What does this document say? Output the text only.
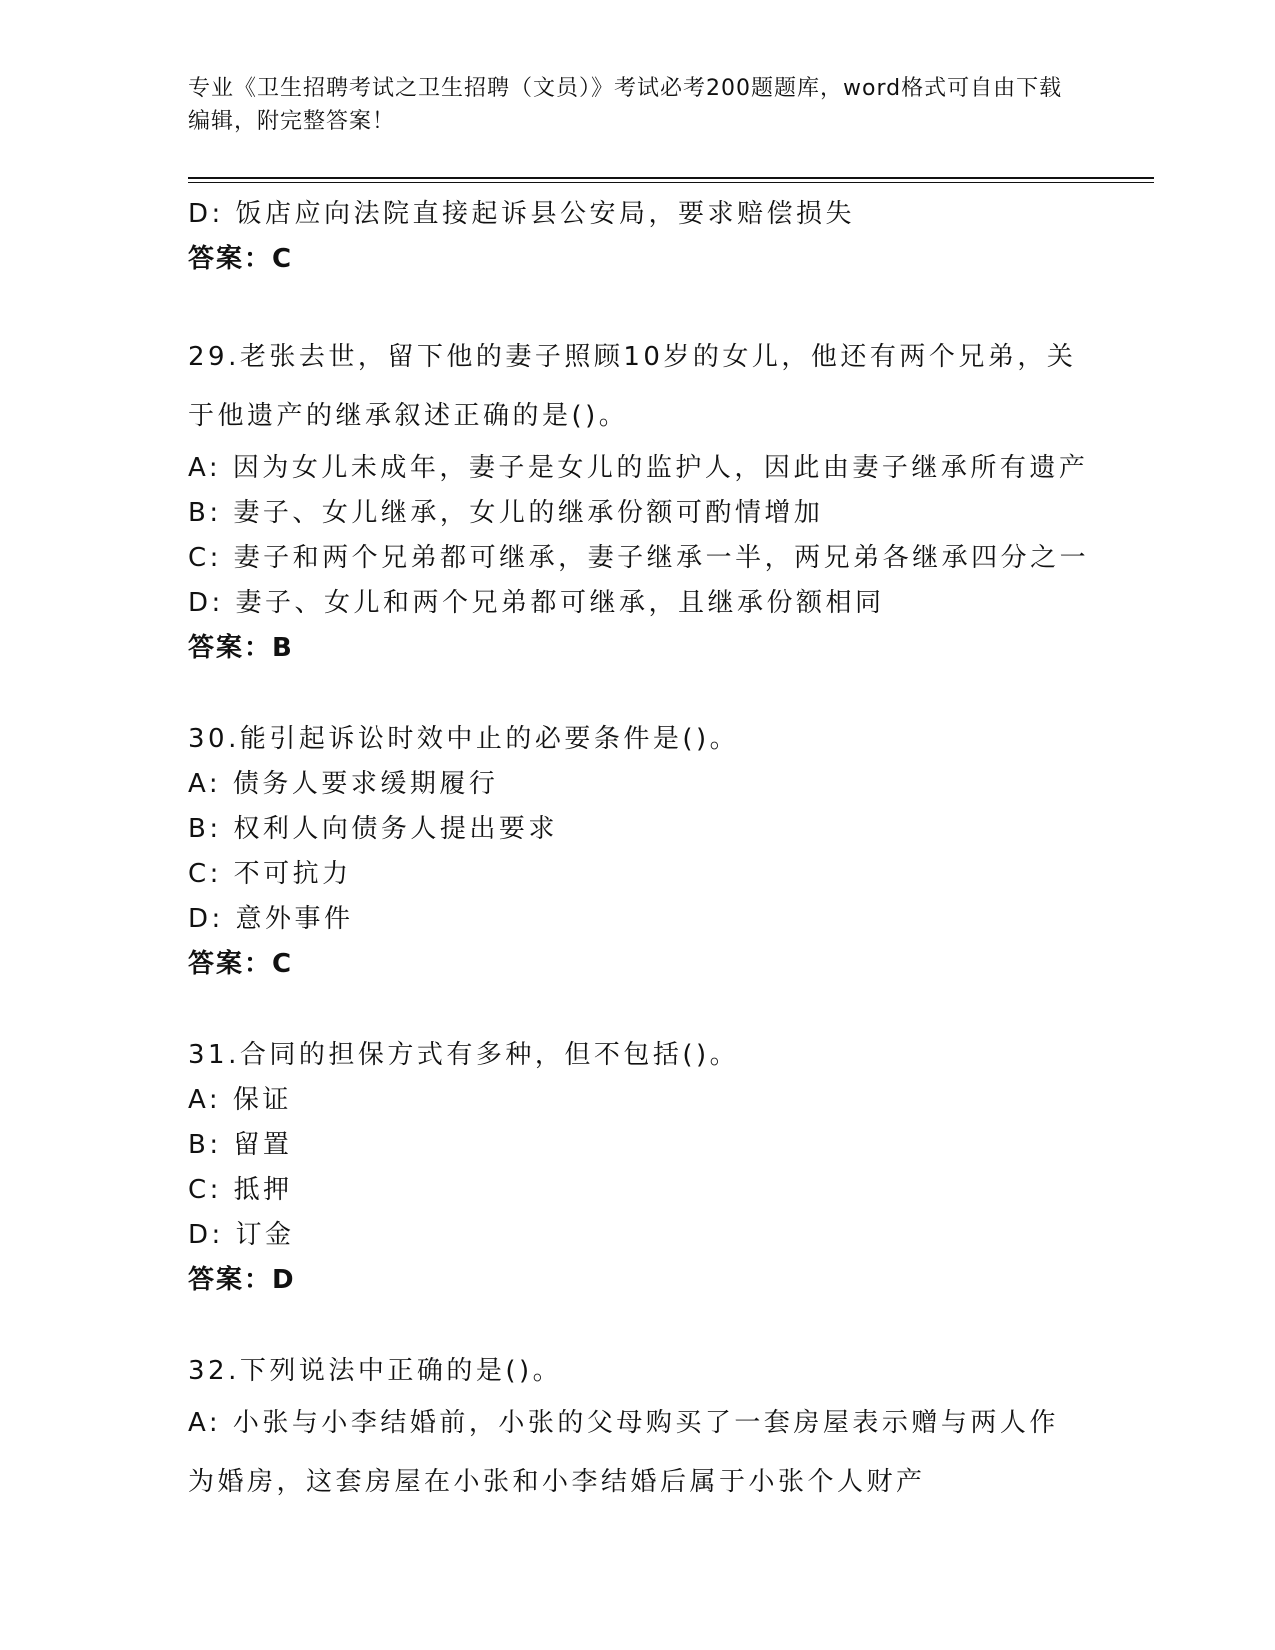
专业《卫生招聘考试之卫生招聘（文员）》考试必考200题题库，word格式可自由下载编辑，附完整答案！
D: 饭店应向法院直接起诉县公安局，要求赔偿损失
答案：C
29.老张去世，留下他的妻子照顾10岁的女儿，他还有两个兄弟，关于他遗产的继承叙述正确的是()。
A: 因为女儿未成年，妻子是女儿的监护人，因此由妻子继承所有遗产
B: 妻子、女儿继承，女儿的继承份额可酌情增加
C: 妻子和两个兄弟都可继承，妻子继承一半，两兄弟各继承四分之一
D: 妻子、女儿和两个兄弟都可继承，且继承份额相同
答案：B
30.能引起诉讼时效中止的必要条件是()。
A: 债务人要求缓期履行
B: 权利人向债务人提出要求
C: 不可抗力
D: 意外事件
答案：C
31.合同的担保方式有多种，但不包括()。
A: 保证
B: 留置
C: 抵押
D: 订金
答案：D
32.下列说法中正确的是()。
A: 小张与小李结婚前，小张的父母购买了一套房屋表示赠与两人作为婚房，这套房屋在小张和小李结婚后属于小张个人财产
